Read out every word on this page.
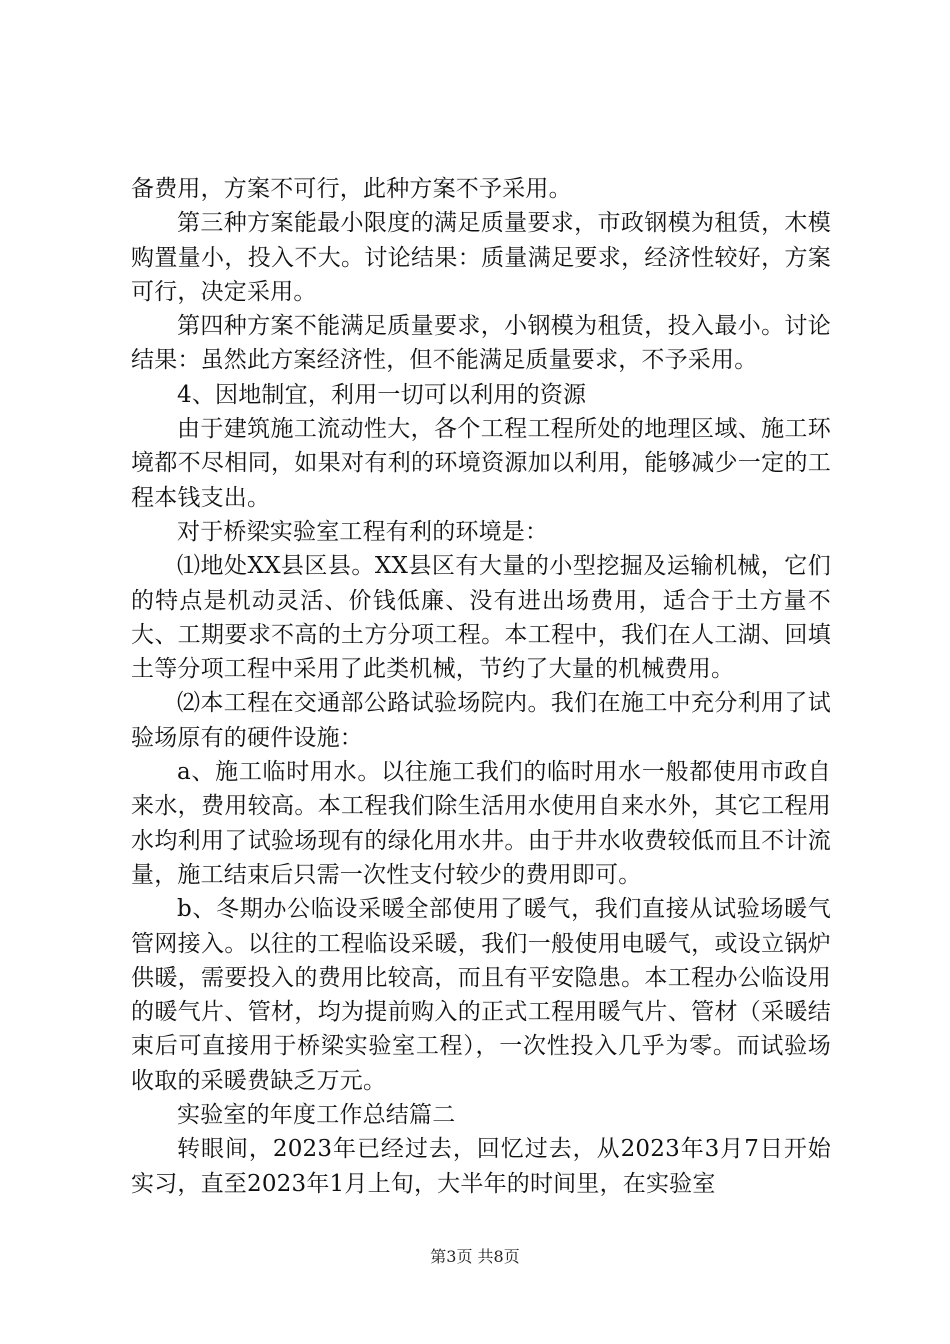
备费用，方案不可行，此种方案不予采用。

第三种方案能最小限度的满足质量要求，市政钢模为租赁，木模购置量小，投入不大。讨论结果：质量满足要求，经济性较好，方案可行，决定采用。

第四种方案不能满足质量要求，小钢模为租赁，投入最小。讨论结果：虽然此方案经济性，但不能满足质量要求，不予采用。

4、因地制宜，利用一切可以利用的资源

由于建筑施工流动性大，各个工程工程所处的地理区域、施工环境都不尽相同，如果对有利的环境资源加以利用，能够减少一定的工程本钱支出。

对于桥梁实验室工程有利的环境是：

⑴地处XX县区县。XX县区有大量的小型挖掘及运输机械，它们的特点是机动灵活、价钱低廉、没有进出场费用，适合于土方量不大、工期要求不高的土方分项工程。本工程中，我们在人工湖、回填土等分项工程中采用了此类机械，节约了大量的机械费用。

⑵本工程在交通部公路试验场院内。我们在施工中充分利用了试验场原有的硬件设施：

a、施工临时用水。以往施工我们的临时用水一般都使用市政自来水，费用较高。本工程我们除生活用水使用自来水外，其它工程用水均利用了试验场现有的绿化用水井。由于井水收费较低而且不计流量，施工结束后只需一次性支付较少的费用即可。

b、冬期办公临设采暖全部使用了暖气，我们直接从试验场暖气管网接入。以往的工程临设采暖，我们一般使用电暖气，或设立锅炉供暖，需要投入的费用比较高，而且有平安隐患。本工程办公临设用的暖气片、管材，均为提前购入的正式工程用暖气片、管材（采暖结束后可直接用于桥梁实验室工程），一次性投入几乎为零。而试验场收取的采暖费缺乏万元。

实验室的年度工作总结篇二

转眼间，2023年已经过去，回忆过去，从2023年3月7日开始实习，直至2023年1月上旬，大半年的时间里，在实验室

第3页 共8页
